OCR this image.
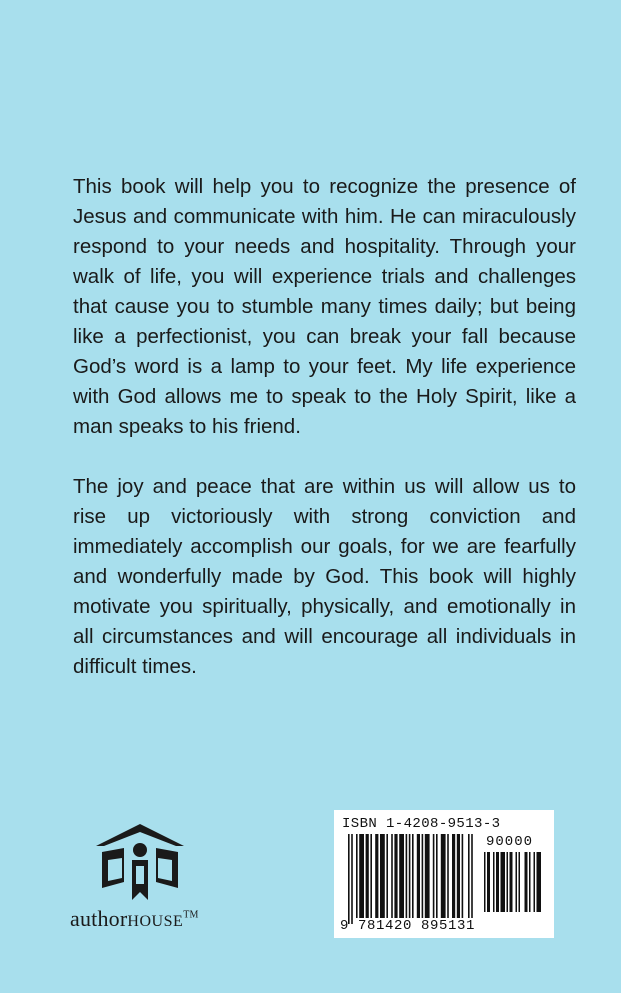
This book will help you to recognize the presence of Jesus and communicate with him. He can miraculously respond to your needs and hospitality. Through your walk of life, you will experience trials and challenges that cause you to stumble many times daily; but being like a perfectionist, you can break your fall because God’s word is a lamp to your feet. My life experience with God allows me to speak to the Holy Spirit, like a man speaks to his friend.

The joy and peace that are within us will allow us to rise up victoriously with strong conviction and immediately accomplish our goals, for we are fearfully and wonderfully made by God. This book will highly motivate you spiritually, physically, and emotionally in all circumstances and will encourage all individuals in difficult times.

authorHOUSE™
ISBN 1-4208-9513-3
90000
9 781420 895131
